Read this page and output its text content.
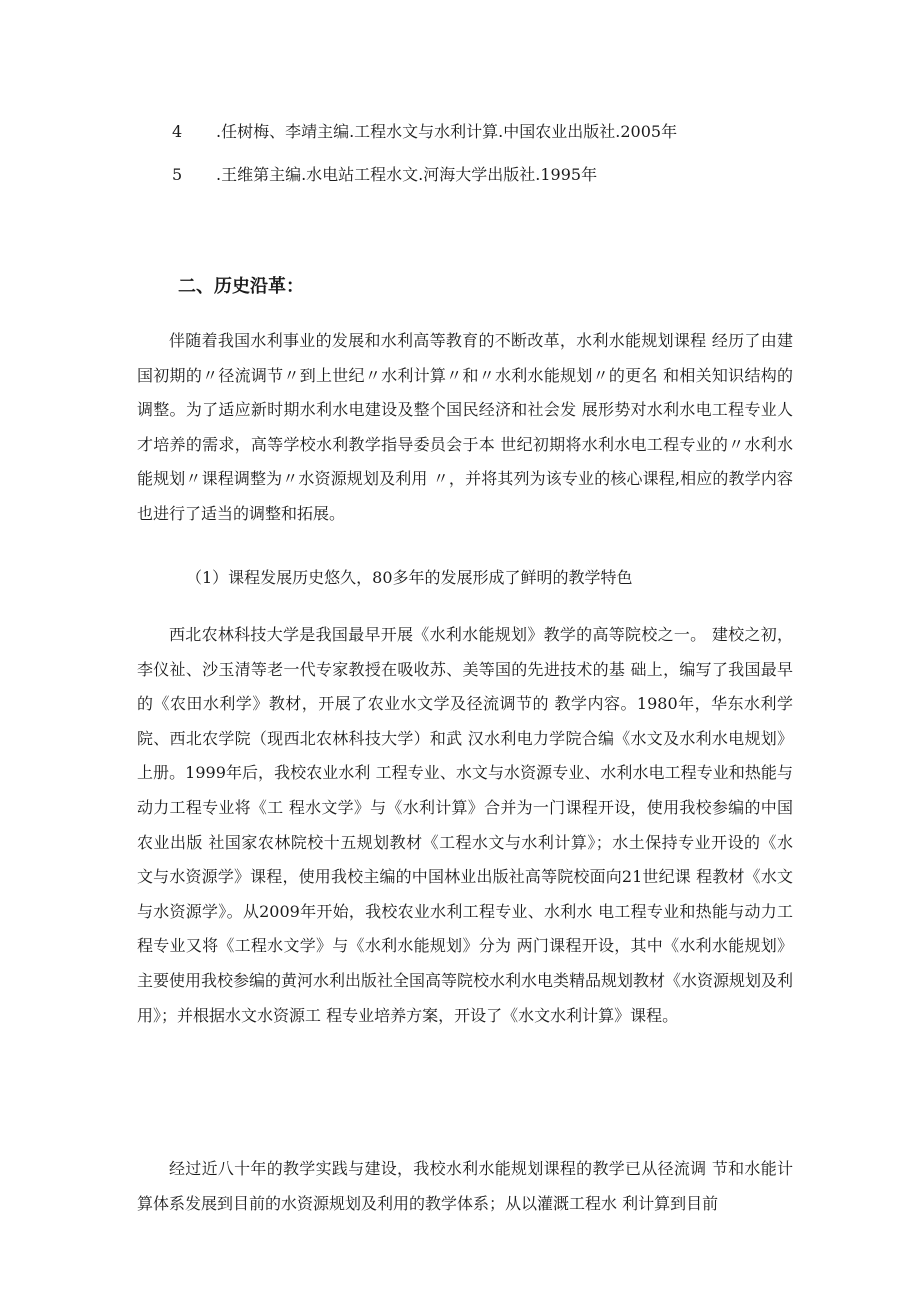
4 .任树梅、李靖主编.工程水文与水利计算.中国农业出版社.2005年
5 .王维第主编.水电站工程水文.河海大学出版社.1995年
二、历史沿革：

伴随着我国水利事业的发展和水利高等教育的不断改革，水利水能规划课程 经历了由建国初期的〃径流调节〃到上世纪〃水利计算〃和〃水利水能规划〃的更名 和相关知识结构的调整。为了适应新时期水利水电建设及整个国民经济和社会发 展形势对水利水电工程专业人才培养的需求，高等学校水利教学指导委员会于本 世纪初期将水利水电工程专业的〃水利水能规划〃课程调整为〃水资源规划及利用 〃，并将其列为该专业的核心课程,相应的教学内容也进行了适当的调整和拓展。

（1）课程发展历史悠久，80多年的发展形成了鲜明的教学特色

西北农林科技大学是我国最早开展《水利水能规划》教学的高等院校之一。 建校之初，李仪祉、沙玉清等老一代专家教授在吸收苏、美等国的先进技术的基 础上，编写了我国最早的《农田水利学》教材，开展了农业水文学及径流调节的 教学内容。1980年，华东水利学院、西北农学院（现西北农林科技大学）和武 汉水利电力学院合编《水文及水利水电规划》上册。1999年后，我校农业水利 工程专业、水文与水资源专业、水利水电工程专业和热能与动力工程专业将《工 程水文学》与《水利计算》合并为一门课程开设，使用我校参编的中国农业出版 社国家农林院校十五规划教材《工程水文与水利计算》；水土保持专业开设的《水 文与水资源学》课程，使用我校主编的中国林业出版社高等院校面向21世纪课 程教材《水文与水资源学》。从2009年开始，我校农业水利工程专业、水利水 电工程专业和热能与动力工程专业又将《工程水文学》与《水利水能规划》分为 两门课程开设，其中《水利水能规划》主要使用我校参编的黄河水利出版社全国高等院校水利水电类精品规划教材《水资源规划及利用》；并根据水文水资源工 程专业培养方案，开设了《水文水利计算》课程。

经过近八十年的教学实践与建设，我校水利水能规划课程的教学已从径流调 节和水能计算体系发展到目前的水资源规划及利用的教学体系；从以灌溉工程水 利计算到目前
